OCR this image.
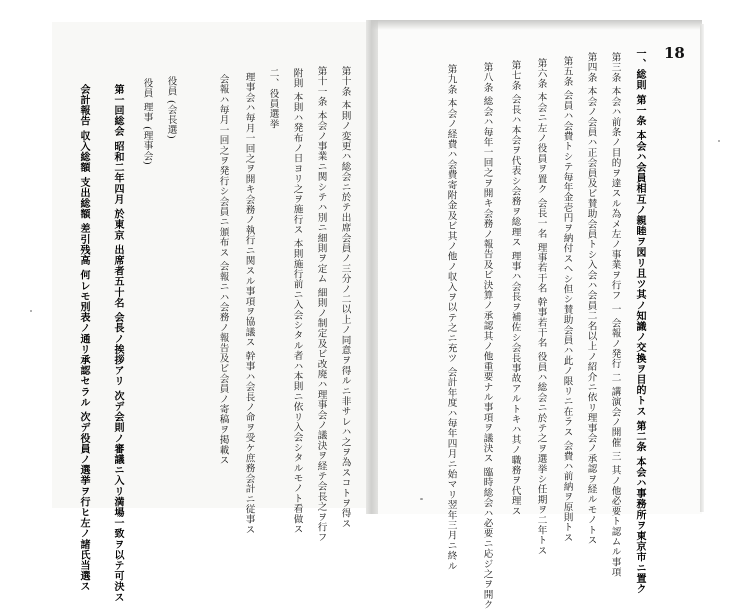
18
一、総則 第一条 本会ハ会員相互ノ親睦ヲ図リ且ツ其ノ知識ノ交換ヲ目的トス 第二条 本会ハ事務所ヲ東京市ニ置ク
第三条 本会ハ前条ノ目的ヲ達スル為メ左ノ事業ヲ行フ 一 会報ノ発行 二 講演会ノ開催 三 其ノ他必要ト認ムル事項
第四条 本会ノ会員ハ正会員及ビ賛助会員トシ入会ハ会員二名以上ノ紹介ニ依リ理事会ノ承認ヲ経ルモノトス
第五条 会員ハ会費トシテ毎年金壱円ヲ納付スヘシ但シ賛助会員ハ此ノ限リニ在ラス 会費ハ前納ヲ原則トス
第六条 本会ニ左ノ役員ヲ置ク 会長一名 理事若干名 幹事若干名 役員ハ総会ニ於テ之ヲ選挙シ任期ヲ二年トス
第七条 会長ハ本会ヲ代表シ会務ヲ総理ス 理事ハ会長ヲ補佐シ会長事故アルトキハ其ノ職務ヲ代理ス
第八条 総会ハ毎年一回之ヲ開キ会務ノ報告及ビ決算ノ承認其ノ他重要ナル事項ヲ議決ス 臨時総会ハ必要ニ応ジ之ヲ開ク
第九条 本会ノ経費ハ会費寄附金及ビ其ノ他ノ収入ヲ以テ之ニ充ツ 会計年度ハ毎年四月ニ始マリ翌年三月ニ終ル
第十条 本則ノ変更ハ総会ニ於テ出席会員ノ三分ノ二以上ノ同意ヲ得ルニ非サレハ之ヲ為スコトヲ得ス
第十一条 本会ノ事業ニ関シテハ別ニ細則ヲ定ム 細則ノ制定及ビ改廃ハ理事会ノ議決ヲ経テ会長之ヲ行フ
附則 本則ハ発布ノ日ヨリ之ヲ施行ス 本則施行前ニ入会シタル者ハ本則ニ依リ入会シタルモノト看做ス
二、役員選挙
理事会ハ毎月一回之ヲ開キ会務ノ執行ニ関スル事項ヲ協議ス 幹事ハ会長ノ命ヲ受ケ庶務会計ニ従事ス
会報ハ毎月一回之ヲ発行シ会員ニ頒布ス 会報ニハ会務ノ報告及ビ会員ノ寄稿ヲ掲載ス
役員 (会長選)
役員 理事 (理事会)
第一回総会 昭和二年四月 於東京 出席者五十名 会長ノ挨拶アリ 次デ会則ノ審議ニ入リ満場一致ヲ以テ可決ス
会計報告 収入総額 支出総額 差引残高 何レモ別表ノ通リ承認セラル 次デ役員ノ選挙ヲ行ヒ左ノ諸氏当選ス
